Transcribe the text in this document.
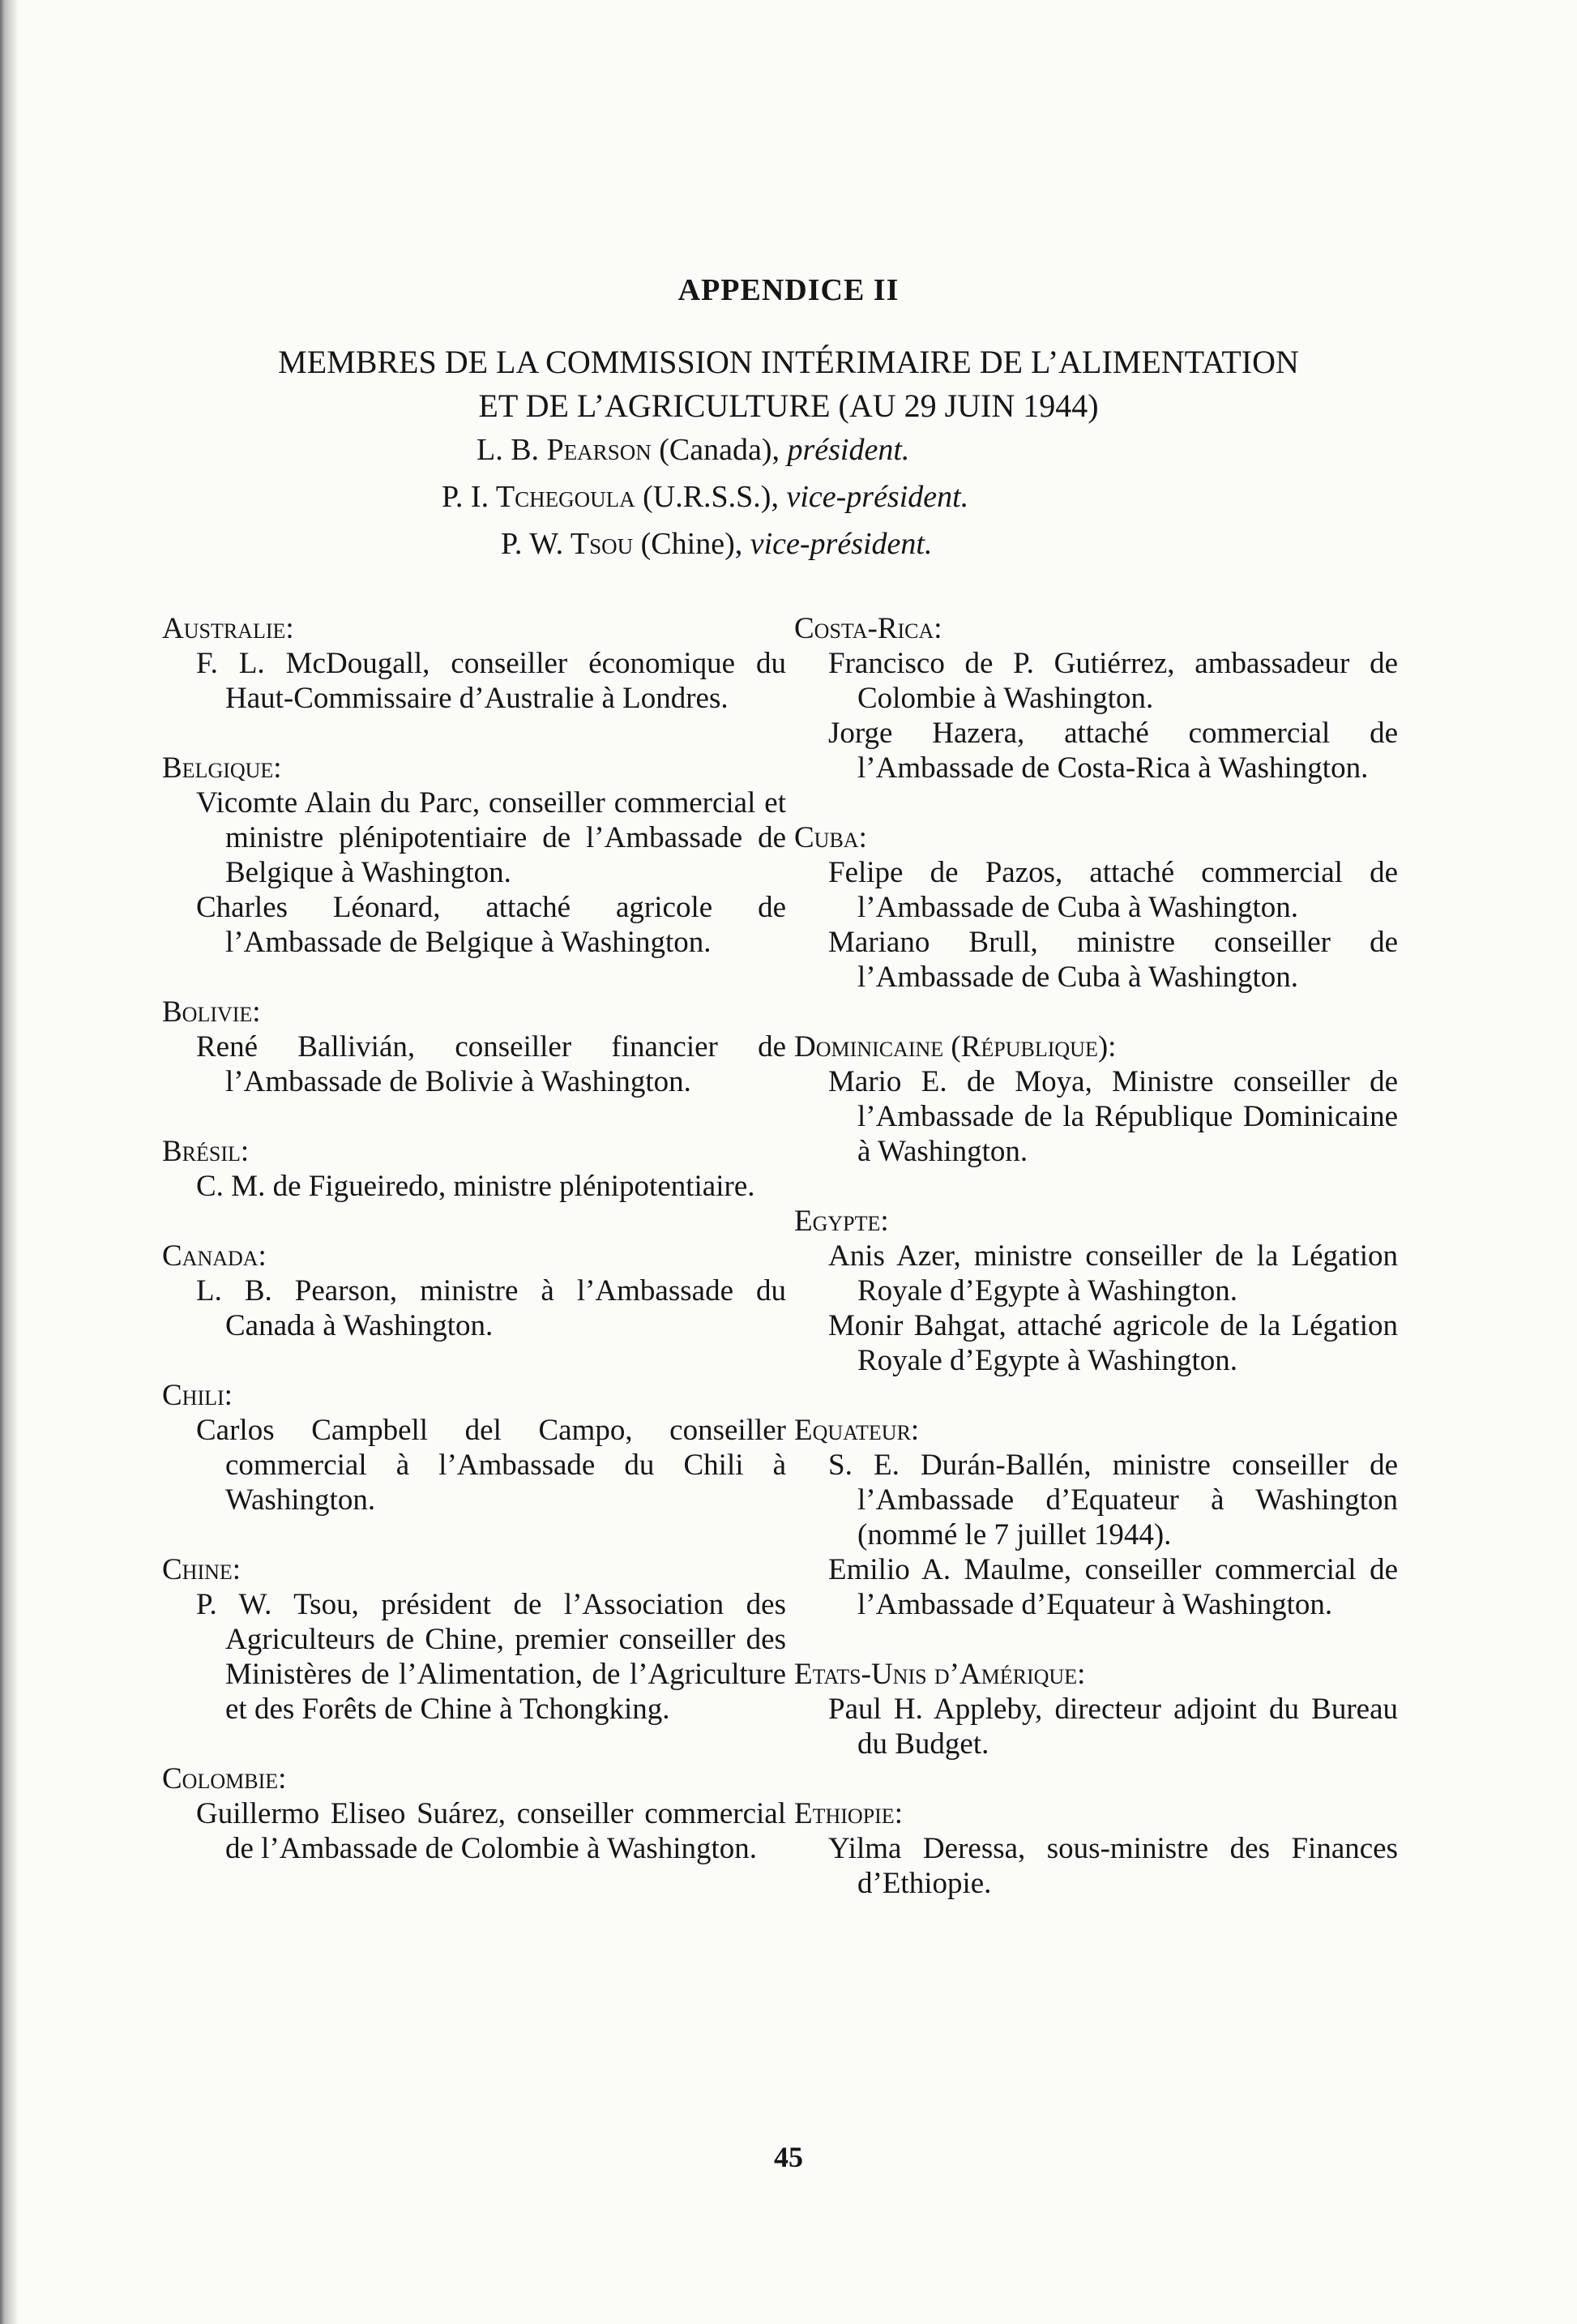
APPENDICE II
MEMBRES DE LA COMMISSION INTÉRIMAIRE DE L’ALIMENTATION
ET DE L’AGRICULTURE (AU 29 JUIN 1944)
L. B. Pearson (Canada), président.
P. I. Tchegoula (U.R.S.S.), vice-président.
P. W. Tsou (Chine), vice-président.
Australie:
F. L. McDougall, conseiller économique du Haut-Commissaire d’Australie à Londres.
Belgique:
Vicomte Alain du Parc, conseiller commercial et ministre plénipotentiaire de l’Ambassade de Belgique à Washington.
Charles Léonard, attaché agricole de l’Ambassade de Belgique à Washington.
Bolivie:
René Ballivián, conseiller financier de l’Ambassade de Bolivie à Washington.
Brésil:
C. M. de Figueiredo, ministre plénipotentiaire.
Canada:
L. B. Pearson, ministre à l’Ambassade du Canada à Washington.
Chili:
Carlos Campbell del Campo, conseiller commercial à l’Ambassade du Chili à Washington.
Chine:
P. W. Tsou, président de l’Association des Agriculteurs de Chine, premier conseiller des Ministères de l’Alimentation, de l’Agriculture et des Forêts de Chine à Tchongking.
Colombie:
Guillermo Eliseo Suárez, conseiller commercial de l’Ambassade de Colombie à Washington.
Costa-Rica:
Francisco de P. Gutiérrez, ambassadeur de Colombie à Washington.
Jorge Hazera, attaché commercial de l’Ambassade de Costa-Rica à Washington.
Cuba:
Felipe de Pazos, attaché commercial de l’Ambassade de Cuba à Washington.
Mariano Brull, ministre conseiller de l’Ambassade de Cuba à Washington.
Dominicaine (République):
Mario E. de Moya, Ministre conseiller de l’Ambassade de la République Dominicaine à Washington.
Egypte:
Anis Azer, ministre conseiller de la Légation Royale d’Egypte à Washington.
Monir Bahgat, attaché agricole de la Légation Royale d’Egypte à Washington.
Equateur:
S. E. Durán-Ballén, ministre conseiller de l’Ambassade d’Equateur à Washington (nommé le 7 juillet 1944).
Emilio A. Maulme, conseiller commercial de l’Ambassade d’Equateur à Washington.
Etats-Unis d’Amérique:
Paul H. Appleby, directeur adjoint du Bureau du Budget.
Ethiopie:
Yilma Deressa, sous-ministre des Finances d’Ethiopie.
45
